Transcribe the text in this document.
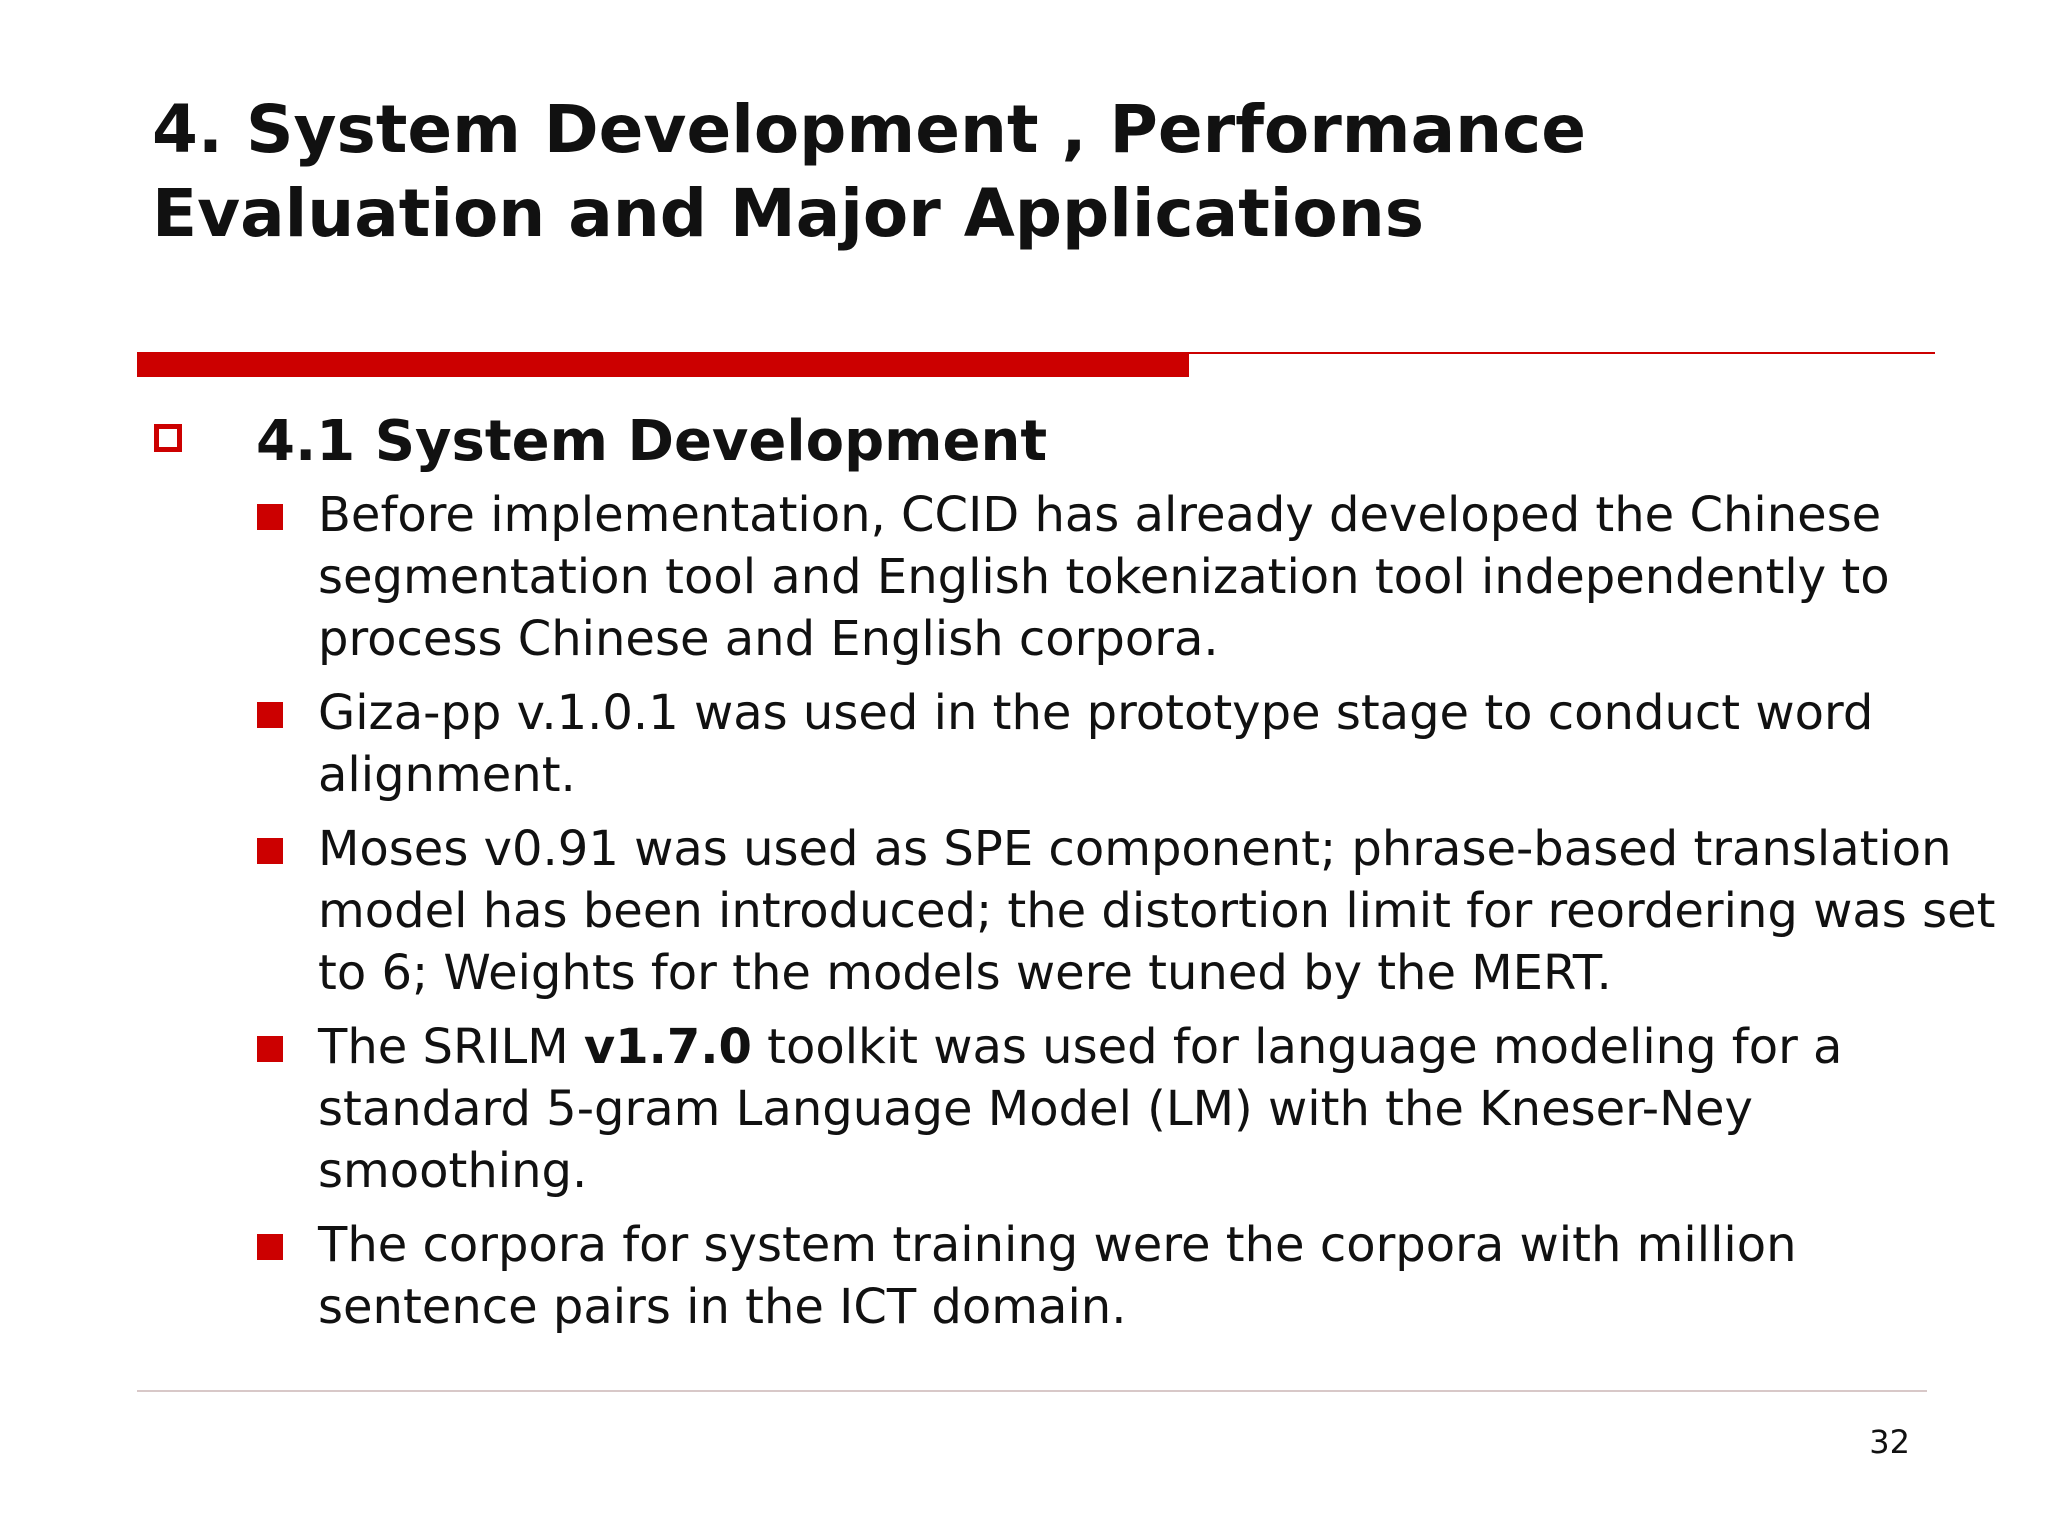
4. System Development , Performance
Evaluation and Major Applications
4.1 System Development
Before implementation, CCID has already developed the Chinese segmentation tool and English tokenization tool independently to process Chinese and English corpora.
Giza-pp v.1.0.1 was used in the prototype stage to conduct word alignment.
Moses v0.91 was used as SPE component; phrase-based translation model has been introduced; the distortion limit for reordering was set to 6; Weights for the models were tuned by the MERT.
The SRILM v1.7.0 toolkit was used for language modeling for a standard 5-gram Language Model (LM) with the Kneser-Ney smoothing.
The corpora for system training were the corpora with million sentence pairs in the ICT domain.
32
